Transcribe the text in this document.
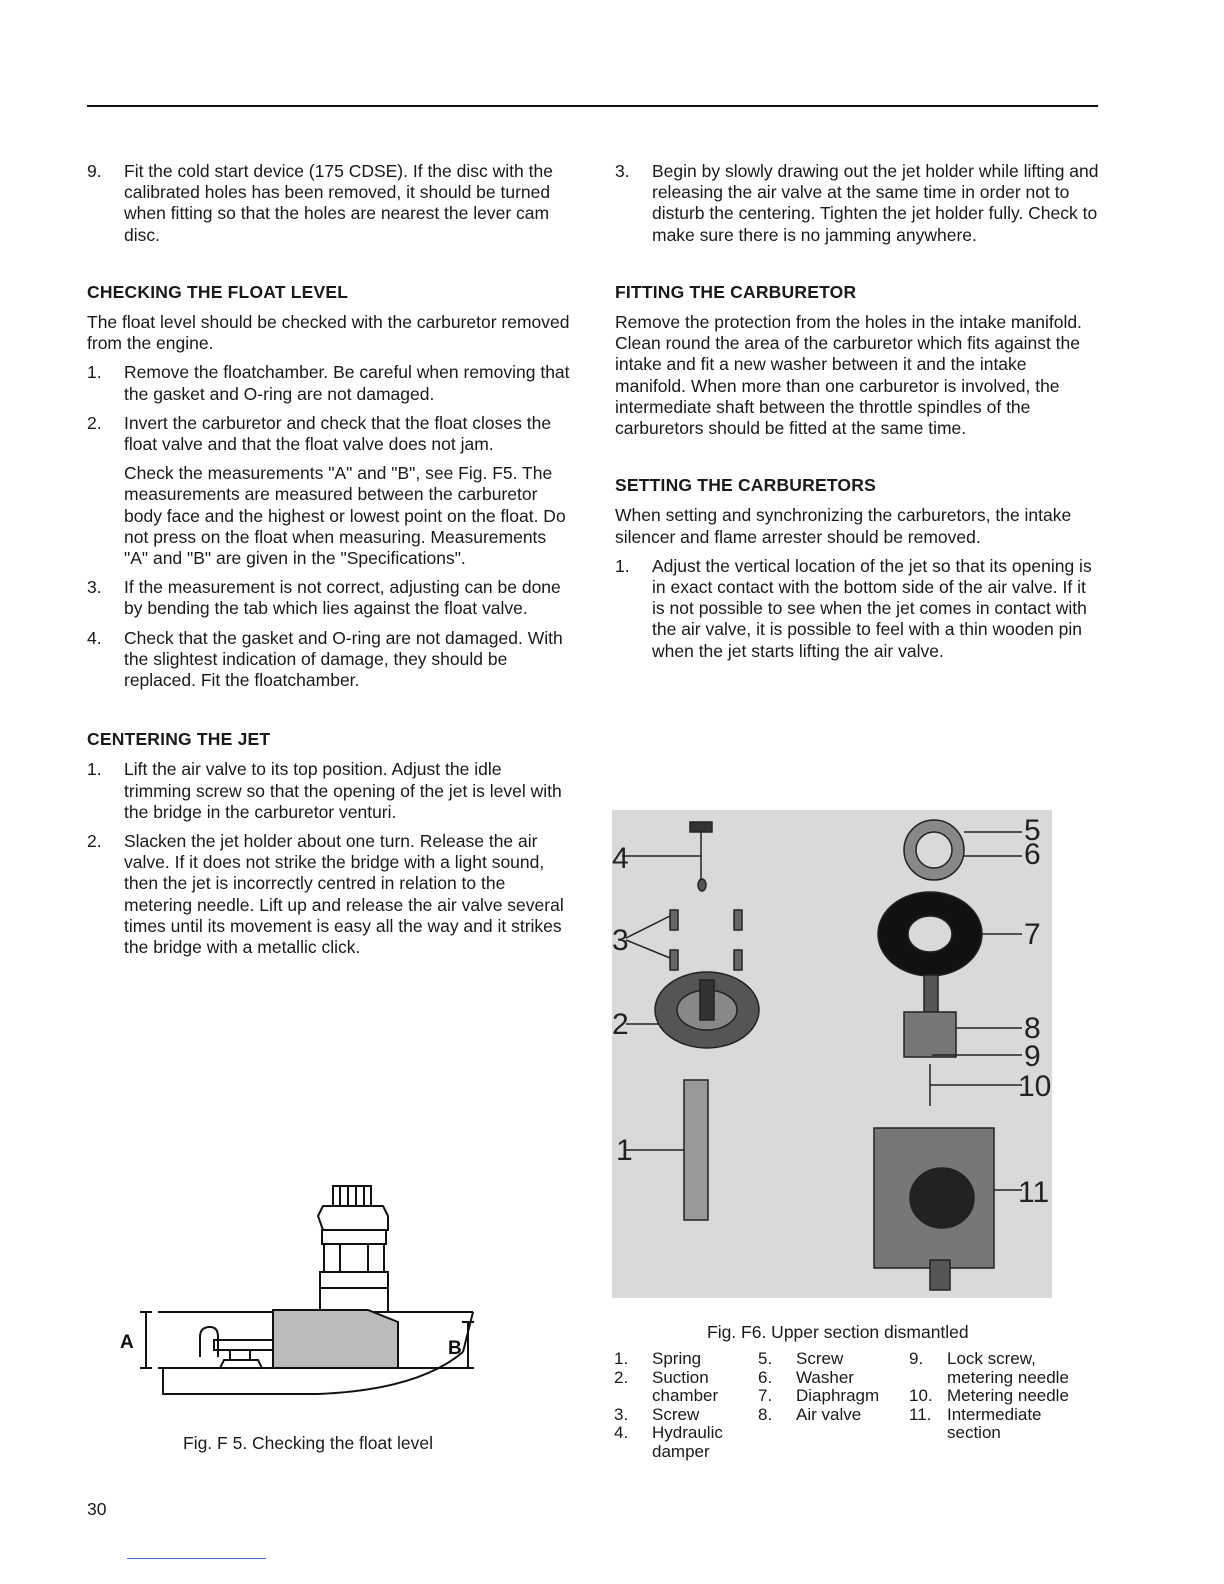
9.	Fit the cold start device (175 CDSE). If the disc with the calibrated holes has been removed, it should be turned when fitting so that the holes are nearest the lever cam disc.
CHECKING THE FLOAT LEVEL

The float level should be checked with the carburetor removed from the engine.

1.	Remove the floatchamber. Be careful when removing that the gasket and O-ring are not damaged.
2.	Invert the carburetor and check that the float closes the float valve and that the float valve does not jam.
Check the measurements "A" and "B", see Fig. F5. The measurements are measured between the carburetor body face and the highest or lowest point on the float. Do not press on the float when measuring. Measurements "A" and "B" are given in the "Specifications".
3.	If the measurement is not correct, adjusting can be done by bending the tab which lies against the float valve.
4.	Check that the gasket and O-ring are not damaged. With the slightest indication of damage, they should be replaced. Fit the floatchamber.
CENTERING THE JET
1.	Lift the air valve to its top position. Adjust the idle trimming screw so that the opening of the jet is level with the bridge in the carburetor venturi.
2.	Slacken the jet holder about one turn. Release the air valve. If it does not strike the bridge with a light sound, then the jet is incorrectly centred in relation to the metering needle. Lift up and release the air valve several times until its movement is easy all the way and it strikes the bridge with a metallic click.
3.	Begin by slowly drawing out the jet holder while lifting and releasing the air valve at the same time in order not to disturb the centering. Tighten the jet holder fully. Check to make sure there is no jamming anywhere.
FITTING THE CARBURETOR

Remove the protection from the holes in the intake manifold. Clean round the area of the carburetor which fits against the intake and fit a new washer between it and the intake manifold. When more than one carburetor is involved, the intermediate shaft between the throttle spindles of the carburetors should be fitted at the same time.

SETTING THE CARBURETORS

When setting and synchronizing the carburetors, the intake silencer and flame arrester should be removed.

1.	Adjust the vertical location of the jet so that its opening is in exact contact with the bottom side of the air valve. If it is not possible to see when the jet comes in contact with the air valve, it is possible to feel with a thin wooden pin when the jet starts lifting the air valve.
A	B
Fig. F 5. Checking the float level
4
3
2
1
5
6
7
8
9
10
11
Fig. F6. Upper section dismantled
1. Spring
2. Suction chamber
3. Screw
4. Hydraulic damper
5. Screw
6. Washer
7. Diaphragm
8. Air valve
9. Lock screw, metering needle
10. Metering needle
11. Intermediate section
30
